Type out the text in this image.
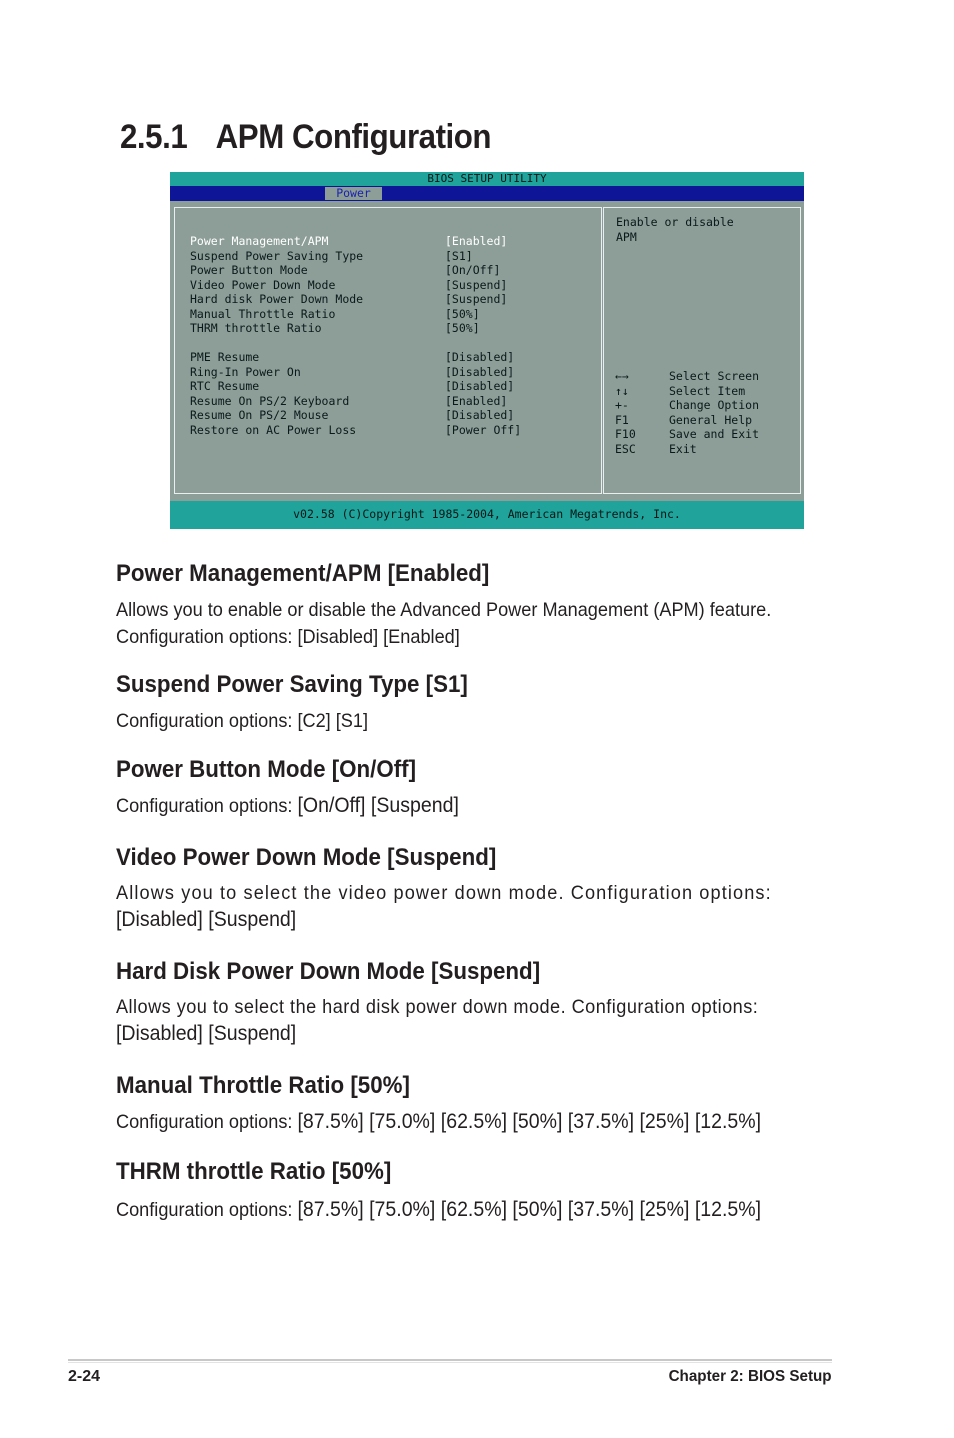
2.5.1 APM Configuration
BIOS SETUP UTILITY
Power

Power Management/APM

	[Enabled]

Suspend Power Saving Type

	[S1]

Power Button Mode

	[On/Off]

Video Power Down Mode

	[Suspend]

Hard disk Power Down Mode

	[Suspend]

Manual Throttle Ratio

	[50%]

THRM throttle Ratio

	[50%]

PME Resume

	[Disabled]

Ring-In Power On

	[Disabled]

RTC Resume

	[Disabled]

Resume On PS/2 Keyboard

	[Enabled]

Resume On PS/2 Mouse

	[Disabled]

Restore on AC Power Loss

	[Power Off]

Enable or disable
APM

←→

	Select Screen

↑↓

	Select Item

+-

	Change Option

F1

	General Help

F10

	Save and Exit

ESC

	Exit

v02.58 (C)Copyright 1985-2004, American Megatrends, Inc.
Power Management/APM [Enabled]

Allows you to enable or disable the Advanced Power Management (APM) feature.
Configuration options: [Disabled] [Enabled]

Suspend Power Saving Type [S1]

Configuration options: [C2] [S1]

Power Button Mode [On/Off]

Configuration options: [On/Off] [Suspend]

Video Power Down Mode [Suspend]

Allows you to select the video power down mode. Configuration options:
[Disabled] [Suspend]

Hard Disk Power Down Mode [Suspend]

Allows you to select the hard disk power down mode. Configuration options:
[Disabled] [Suspend]

Manual Throttle Ratio [50%]

Configuration options: [87.5%] [75.0%] [62.5%] [50%] [37.5%] [25%] [12.5%]

THRM throttle Ratio [50%]

Configuration options: [87.5%] [75.0%] [62.5%] [50%] [37.5%] [25%] [12.5%]

2-24	Chapter 2: BIOS Setup
